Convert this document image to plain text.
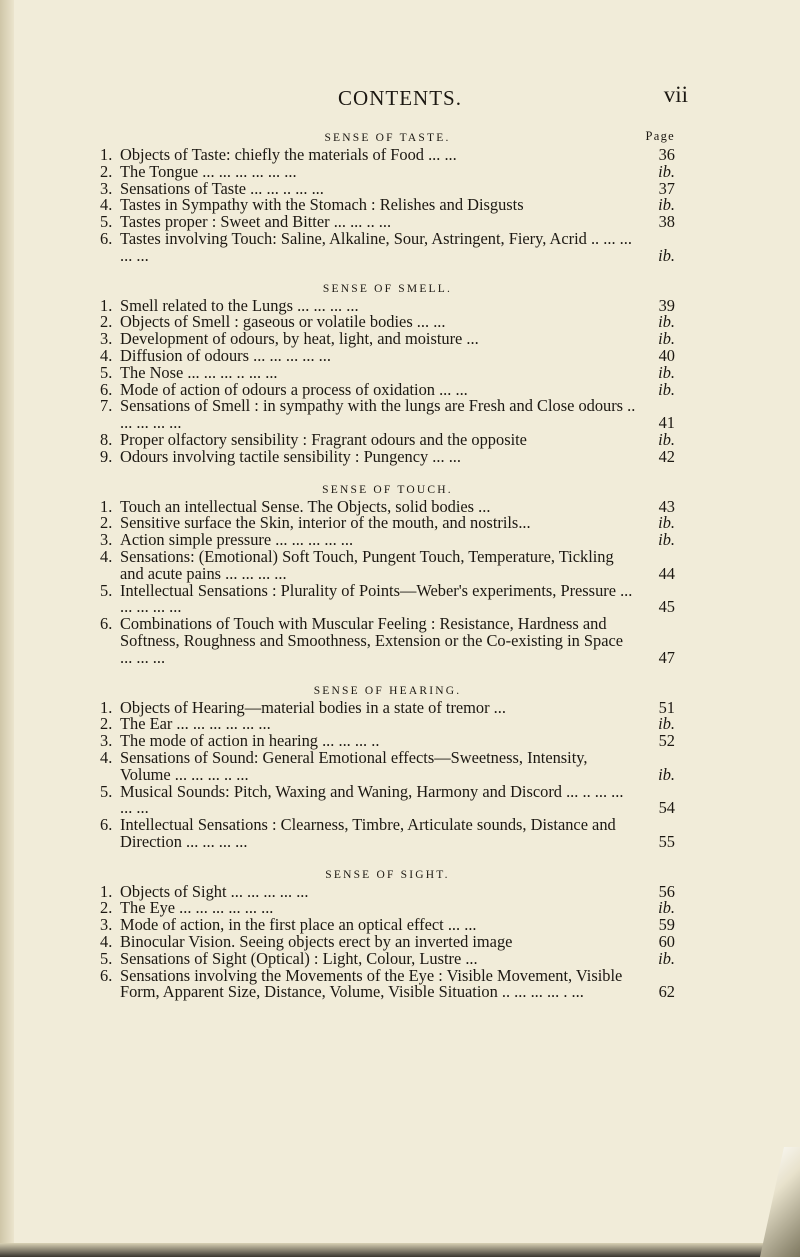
CONTENTS.	vii
SENSE OF TASTE.	Page
1. Objects of Taste: chiefly the materials of Food ... ...	36
2. The Tongue ... ... ... ... ... ...	ib.
3. Sensations of Taste ... ... .. ... ...	37
4. Tastes in Sympathy with the Stomach : Relishes and Disgusts	ib.
5. Tastes proper : Sweet and Bitter ... ... .. ...	38
6. Tastes involving Touch: Saline, Alkaline, Sour, Astringent, Fiery, Acrid .. ... ... ... ...	ib.
SENSE OF SMELL.
1. Smell related to the Lungs ... ... ... ...	39
2. Objects of Smell : gaseous or volatile bodies ... ...	ib.
3. Development of odours, by heat, light, and moisture ...	ib.
4. Diffusion of odours ... ... ... ... ...	40
5. The Nose ... ... ... .. ... ...	ib.
6. Mode of action of odours a process of oxidation ... ...	ib.
7. Sensations of Smell : in sympathy with the lungs are Fresh and Close odours .. ... ... ... ...	41
8. Proper olfactory sensibility : Fragrant odours and the opposite	ib.
9. Odours involving tactile sensibility : Pungency ... ...	42
SENSE OF TOUCH.
1. Touch an intellectual Sense. The Objects, solid bodies ...	43
2. Sensitive surface the Skin, interior of the mouth, and nostrils...	ib.
3. Action simple pressure ... ... ... ... ...	ib.
4. Sensations: (Emotional) Soft Touch, Pungent Touch, Temperature, Tickling and acute pains ... ... ... ...	44
5. Intellectual Sensations : Plurality of Points—Weber's experiments, Pressure ... ... ... ... ...	45
6. Combinations of Touch with Muscular Feeling : Resistance, Hardness and Softness, Roughness and Smoothness, Extension or the Co-existing in Space ... ... ...	47
SENSE OF HEARING.
1. Objects of Hearing—material bodies in a state of tremor ...	51
2. The Ear ... ... ... ... ... ...	ib.
3. The mode of action in hearing ... ... ... ..	52
4. Sensations of Sound: General Emotional effects—Sweetness, Intensity, Volume ... ... ... .. ...	ib.
5. Musical Sounds: Pitch, Waxing and Waning, Harmony and Discord ... .. ... ... ... ...	54
6. Intellectual Sensations : Clearness, Timbre, Articulate sounds, Distance and Direction ... ... ... ...	55
SENSE OF SIGHT.
1. Objects of Sight ... ... ... ... ...	56
2. The Eye ... ... ... ... ... ...	ib.
3. Mode of action, in the first place an optical effect ... ...	59
4. Binocular Vision. Seeing objects erect by an inverted image	60
5. Sensations of Sight (Optical) : Light, Colour, Lustre ...	ib.
6. Sensations involving the Movements of the Eye : Visible Movement, Visible Form, Apparent Size, Distance, Volume, Visible Situation .. ... ... ... . ...	62
